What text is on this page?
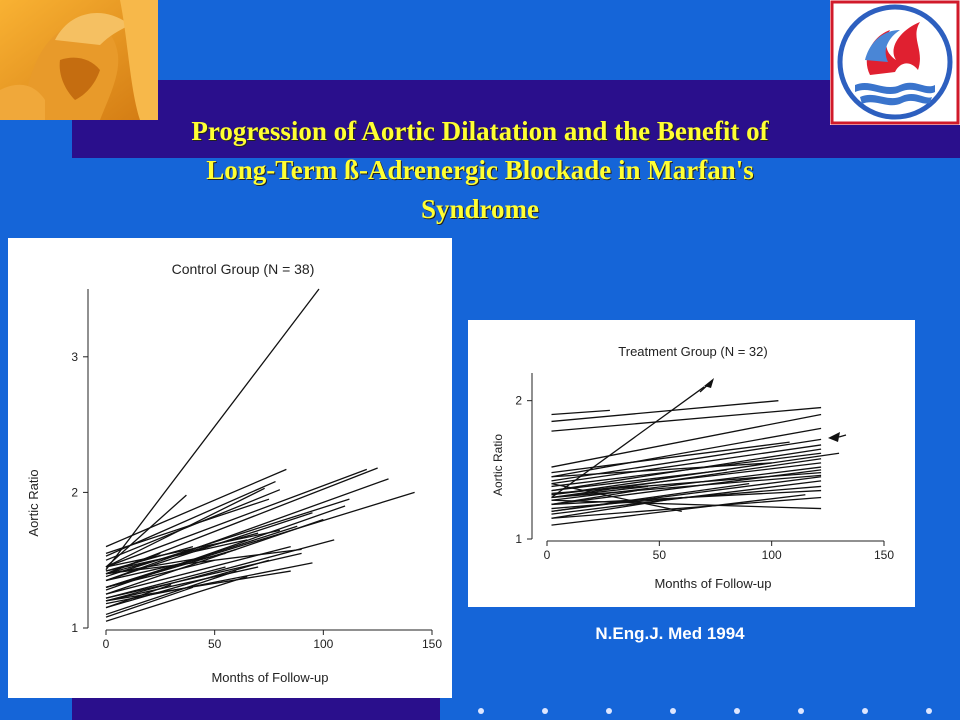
Progression of Aortic Dilatation and the Benefit of
Long-Term ß-Adrenergic Blockade in Marfan's
Syndrome
Control Group (N = 38)
0	50	100	150
1
2
3
Months of Follow-up
Aortic Ratio
Treatment Group (N = 32)
0	50	100	150
1
2
Months of Follow-up
Aortic Ratio
N.Eng.J. Med 1994
